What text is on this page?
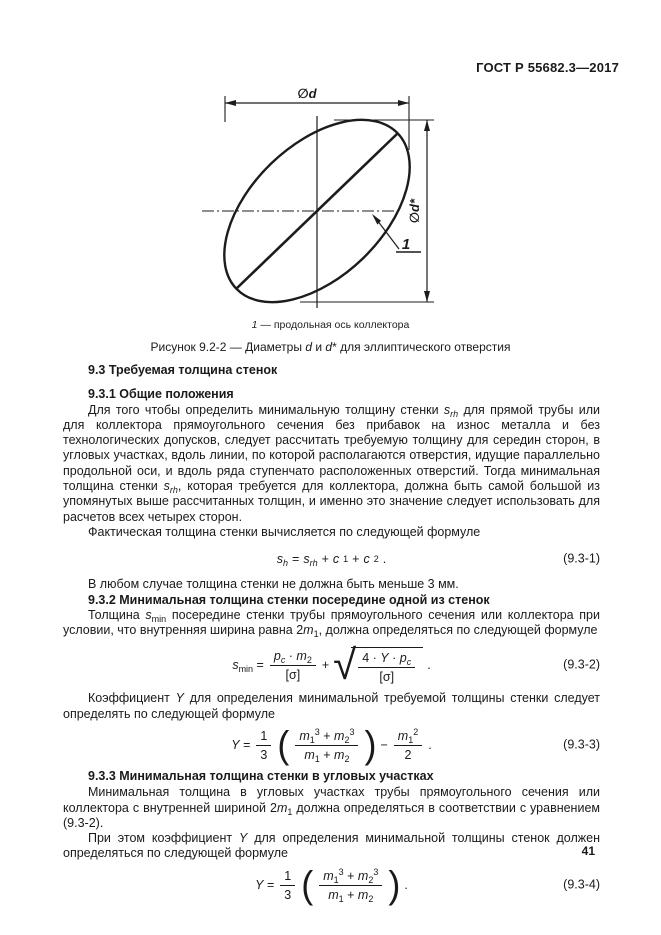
ГОСТ Р 55682.3—2017
∅d
∅d*
1
1 — продольная ось коллектора
Рисунок 9.2-2 — Диаметры d и d* для эллиптического отверстия
9.3 Требуемая толщина стенок
9.3.1 Общие положения

Для того чтобы определить минимальную толщину стенки $s_{rh}$ для прямой трубы или для коллектора прямоугольного сечения без прибавок на износ металла и без технологических допусков, следует рассчитать требуемую толщину для середин сторон, в угловых участках, вдоль линии, по которой располагаются отверстия, идущие параллельно продольной оси, и вдоль ряда ступенчато расположенных отверстий. Тогда минимальная толщина стенки $s_{rh}$, которая требуется для коллектора, должна быть самой большой из упомянутых выше рассчитанных толщин, и именно это значение следует использовать для расчетов всех четырех сторон.

Фактическая толщина стенки вычисляется по следующей формуле

$s_h = s_{rh} + c$ 1 + c 2 .	(9.3-1)

В любом случае толщина стенки не должна быть меньше 3 мм.

9.3.2 Минимальная толщина стенки посередине одной из стенок

Толщина $s_{min}$ посередине стенки трубы прямоугольного сечения или коллектора при условии, что внутренняя ширина равна $2m_1$, должна определяться по следующей формуле

$s_{min} = \frac{p_c \cdot m_2}{[\sigma]}$ + √ $\frac{4 \cdot Y \cdot p_c}{[\sigma]}$ .	(9.3-2)

Коэффициент Y для определения минимальной требуемой толщины стенки следует определять по следующей формуле

$Y = \frac{1}{3}$ ( $\frac{m_1^3 + m_2^3}{m_1 + m_2}$ ) − $\frac{m_1^2}{2}$ .	(9.3-3)
9.3.3 Минимальная толщина стенки в угловых участках

Минимальная толщина в угловых участках трубы прямоугольного сечения или коллектора с внутренней шириной $2m_1$ должна определяться в соответствии с уравнением (9.3-2).

При этом коэффициент Y для определения минимальной толщины стенок должен определяться по следующей формуле

$Y = \frac{1}{3}$ ( $\frac{m_1^3 + m_2^3}{m_1 + m_2}$ ) .	(9.3-4)
41
